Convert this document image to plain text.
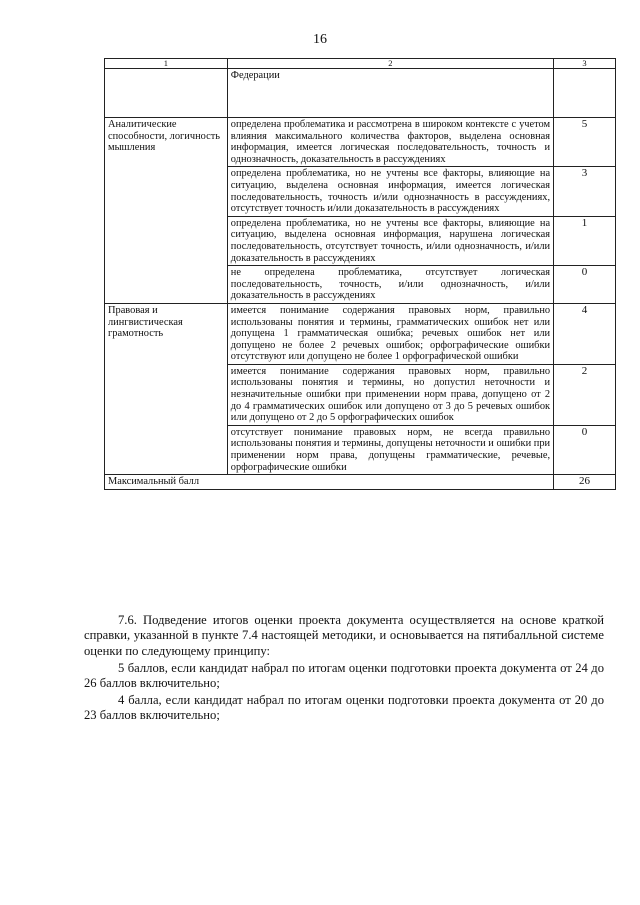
16
1	2	3
	Федерации	
Аналитические способности, логичность мышления	определена проблематика и рассмотрена в широком контексте с учетом влияния максимального количества факторов, выделена основная информация, имеется логическая последовательность, точность и однозначность, доказательность в рассуждениях	5
	определена проблематика, но не учтены все факторы, влияющие на ситуацию, выделена основная информация, имеется логическая последовательность, точность и/или однозначность в рассуждениях, отсутствует точность и/или доказательность в рассуждениях	3
	определена проблематика, но не учтены все факторы, влияющие на ситуацию, выделена основная информация, нарушена логическая последовательность, отсутствует точность, и/или однозначность, и/или доказательность в рассуждениях	1
	не определена проблематика, отсутствует логическая последовательность, точность, и/или однозначность, и/или доказательность в рассуждениях	0
Правовая и лингвистическая грамотность	имеется понимание содержания правовых норм, правильно использованы понятия и термины, грамматических ошибок нет или допущена 1 грамматическая ошибка; речевых ошибок нет или допущено не более 2 речевых ошибок; орфографические ошибки отсутствуют или допущено не более 1 орфографической ошибки	4
	имеется понимание содержания правовых норм, правильно использованы понятия и термины, но допустил неточности и незначительные ошибки при применении норм права, допущено от 2 до 4 грамматических ошибок или допущено от 3 до 5 речевых ошибок или допущено от 2 до 5 орфографических ошибок	2
	отсутствует понимание правовых норм, не всегда правильно использованы понятия и термины, допущены неточности и ошибки при применении норм права, допущены грамматические, речевые, орфографические ошибки	0
Максимальный балл		26

7.6. Подведение итогов оценки проекта документа осуществляется на основе краткой справки, указанной в пункте 7.4 настоящей методики, и основывается на пятибалльной системе оценки по следующему принципу:

5 баллов, если кандидат набрал по итогам оценки подготовки проекта документа от 24 до 26 баллов включительно;

4 балла, если кандидат набрал по итогам оценки подготовки проекта документа от 20 до 23 баллов включительно;
